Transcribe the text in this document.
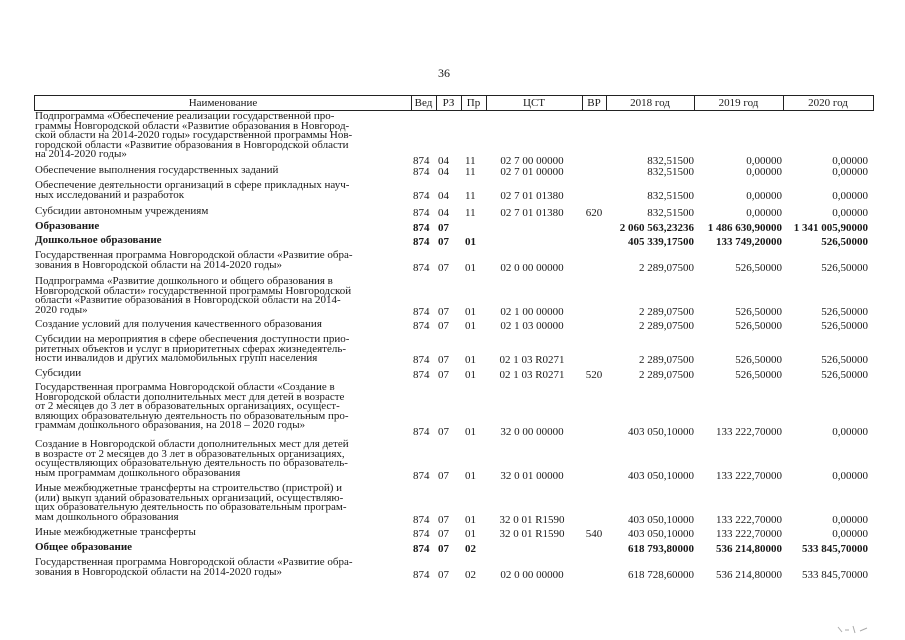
36
Наименование	Вед РЗ	Пр	ЦСТ	ВР	2018 год	2019 год	2020 год
Подпрограмма «Обеспечение реализации государственной про-
граммы Новгородской области «Развитие образования в Новгород-
ской области на 2014-2020 годы» государственной программы Нов-
городской области «Развитие образования в Новгородской области
на 2014-2020 годы»
874 04 11	02 7 00 00000	832,51500	0,00000	0,00000
Обеспечение выполнения государственных заданий	874 04 11	02 7 01 00000	832,51500	0,00000	0,00000
Обеспечение деятельности организаций в сфере прикладных науч-
ных исследований и разработок	874 04 11	02 7 01 01380	832,51500	0,00000	0,00000
Субсидии автономным учреждениям	874 04 11	02 7 01 01380	620	832,51500	0,00000	0,00000
Образование	874 07	2 060 563,23236	1 486 630,90000	1 341 005,90000
Дошкольное образование	874 07 01	405 339,17500	133 749,20000	526,50000
Государственная программа Новгородской области «Развитие обра-
зования в Новгородской области на 2014-2020 годы»	874 07 01	02 0 00 00000	2 289,07500	526,50000	526,50000
Подпрограмма «Развитие дошкольного и общего образования в
Новгородской области» государственной программы Новгородской
области «Развитие образования в Новгородской области на 2014-
2020 годы»	874 07 01	02 1 00 00000	2 289,07500	526,50000	526,50000
Создание условий для получения качественного образования	874 07 01	02 1 03 00000	2 289,07500	526,50000	526,50000
Субсидии на мероприятия в сфере обеспечения доступности прио-
ритетных объектов и услуг в приоритетных сферах жизнедеятель-
ности инвалидов и других маломобильных групп населения	874 07 01	02 1 03 R0271	2 289,07500	526,50000	526,50000
Субсидии	874 07 01	02 1 03 R0271	520	2 289,07500	526,50000	526,50000
Государственная программа Новгородской области «Создание в
Новгородской области дополнительных мест для детей в возрасте
от 2 месяцев до 3 лет в образовательных организациях, осущест-
вляющих образовательную деятельность по образовательным про-
граммам дошкольного образования, на 2018 – 2020 годы»
874 07 01	32 0 00 00000	403 050,10000	133 222,70000	0,00000
Создание в Новгородской области дополнительных мест для детей
в возрасте от 2 месяцев до 3 лет в образовательных организациях,
осуществляющих образовательную деятельность по образователь-
ным программам дошкольного образования	874 07 01	32 0 01 00000	403 050,10000	133 222,70000	0,00000
Иные межбюджетные трансферты на строительство (пристрой) и
(или) выкуп зданий образовательных организаций, осуществляю-
щих образовательную деятельность по образовательным програм-
мам дошкольного образования	874 07 01	32 0 01 R1590	403 050,10000	133 222,70000	0,00000
Иные межбюджетные трансферты	874 07 01	32 0 01 R1590	540	403 050,10000	133 222,70000	0,00000
Общее образование	874 07 02	618 793,80000	536 214,80000	533 845,70000
Государственная программа Новгородской области «Развитие обра-
зования в Новгородской области на 2014-2020 годы»	874 07 02	02 0 00 00000	618 728,60000	536 214,80000	533 845,70000
